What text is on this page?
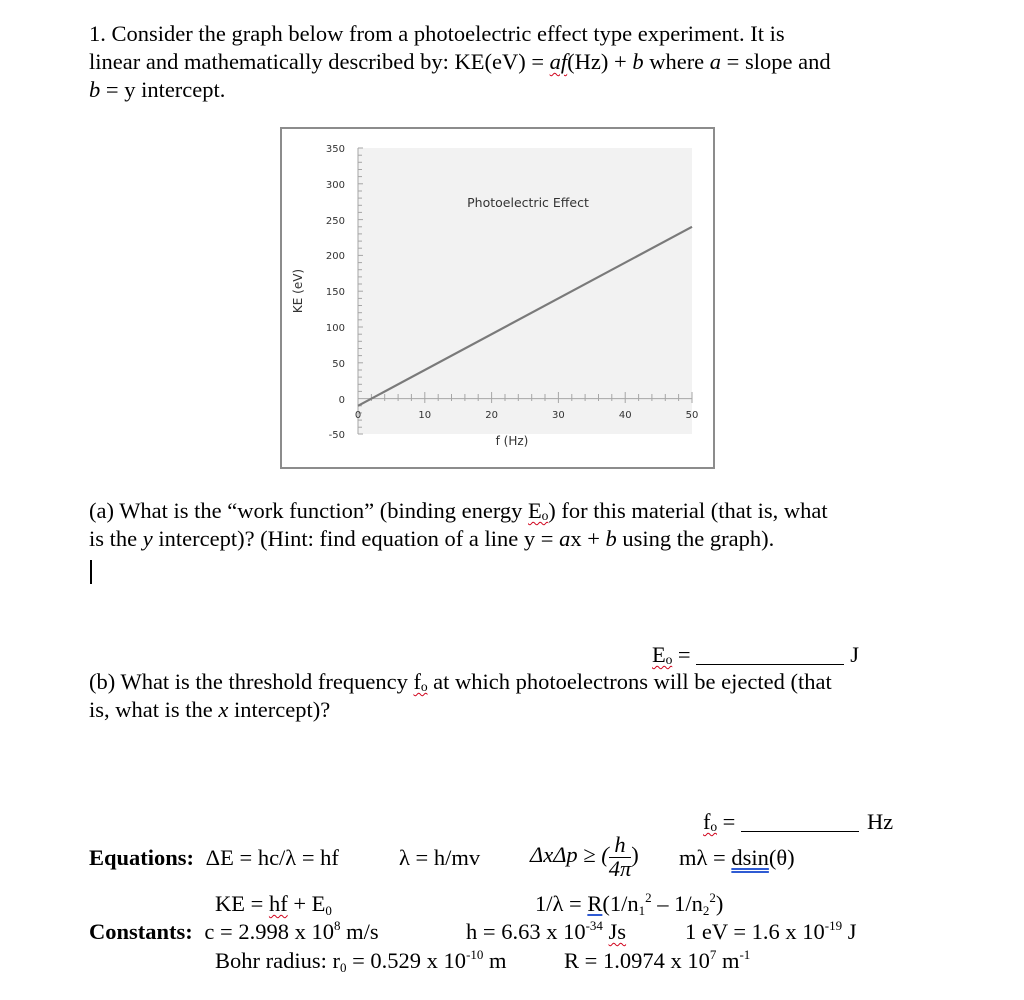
1. Consider the graph below from a photoelectric effect type experiment. It is
linear and mathematically described by: KE(eV) = af(Hz) + b where a = slope and
b = y intercept.
350
300
250
200
150
100
50
0
-50
0	10	20	30	40	50
Photoelectric Effect
f (Hz)
KE (eV)
(a) What is the “work function” (binding energy Eₒ) for this material (that is, what
is the y intercept)? (Hint: find equation of a line y = ax + b using the graph).
Eₒ =	J
(b) What is the threshold frequency fₒ at which photoelectrons will be ejected (that
is, what is the x intercept)?
fₒ =	Hz
Equations: ΔE = hc/λ = hf	λ = h/mv ΔxΔp ≥ ( $\frac{h}{4\pi}$ ) mλ = dsin(θ)
KE = hf + $E_0$	$1/\lambda = R(1/n_1^2 - 1/n_2^2)$
Constants: c = 2.998 x $10^8$ m/s	h = 6.63 x $10^{-34}$ Js	1 eV = 1.6 x $10^{-19}$ J
Bohr radius: $r_0 = 0.529$ x $10^{-10}$ m	R = 1.0974 x $10^7$ $m^{-1}$
